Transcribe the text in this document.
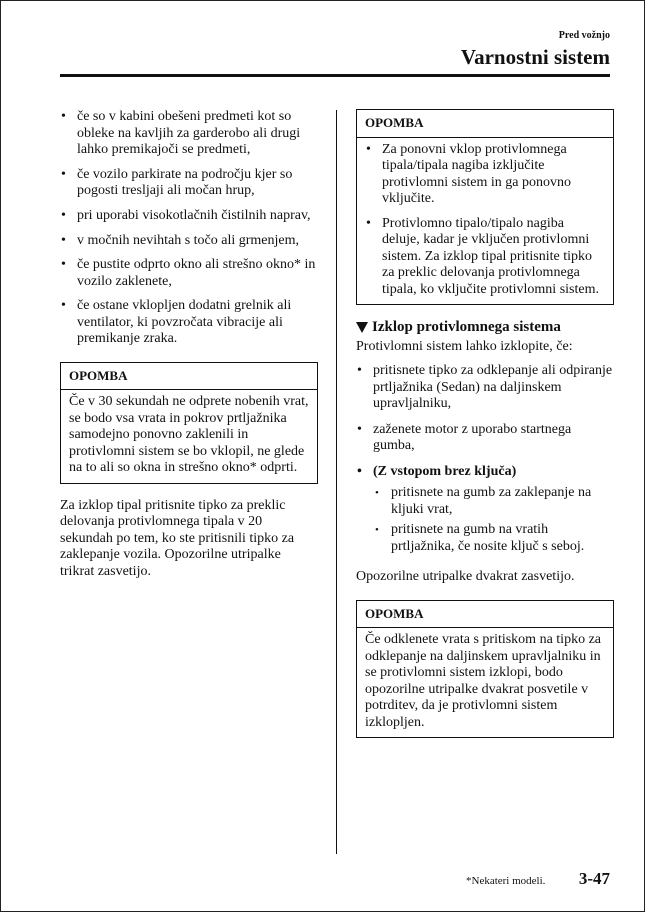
Pred vožnjo
Varnostni sistem
• če so v kabini obešeni predmeti kot so obleke na kavljih za garderobo ali drugi lahko premikajoči se predmeti,
• če vozilo parkirate na področju kjer so pogosti tresljaji ali močan hrup,
• pri uporabi visokotlačnih čistilnih naprav,
• v močnih nevihtah s točo ali grmenjem,
• če pustite odprto okno ali strešno okno* in vozilo zaklenete,
• če ostane vklopljen dodatni grelnik ali ventilator, ki povzročata vibracije ali premikanje zraka.
OPOMBA
Če v 30 sekundah ne odprete nobenih vrat, se bodo vsa vrata in pokrov prtljažnika samodejno ponovno zaklenili in protivlomni sistem se bo vklopil, ne glede na to ali so okna in strešno okno* odprti.

Za izklop tipal pritisnite tipko za preklic delovanja protivlomnega tipala v 20 sekundah po tem, ko ste pritisnili tipko za zaklepanje vozila. Opozorilne utripalke trikrat zasvetijo.

OPOMBA
• Za ponovni vklop protivlomnega tipala/tipala nagiba izključite protivlomni sistem in ga ponovno vključite.
• Protivlomno tipalo/tipalo nagiba deluje, kadar je vključen protivlomni sistem. Za izklop tipal pritisnite tipko za preklic delovanja protivlomnega tipala, ko vključite protivlomni sistem.
Izklop protivlomnega sistema

Protivlomni sistem lahko izklopite, če:

• pritisnete tipko za odklepanje ali odpiranje prtljažnika (Sedan) na daljinskem upravljalniku,
• zaženete motor z uporabo startnega gumba,
• (Z vstopom brez ključa)
• pritisnete na gumb za zaklepanje na kljuki vrat,
• pritisnete na gumb na vratih prtljažnika, če nosite ključ s seboj.

Opozorilne utripalke dvakrat zasvetijo.

OPOMBA
Če odklenete vrata s pritiskom na tipko za odklepanje na daljinskem upravljalniku in se protivlomni sistem izklopi, bodo opozorilne utripalke dvakrat posvetile v potrditev, da je protivlomni sistem izklopljen.
*Nekateri modeli. 3-47
